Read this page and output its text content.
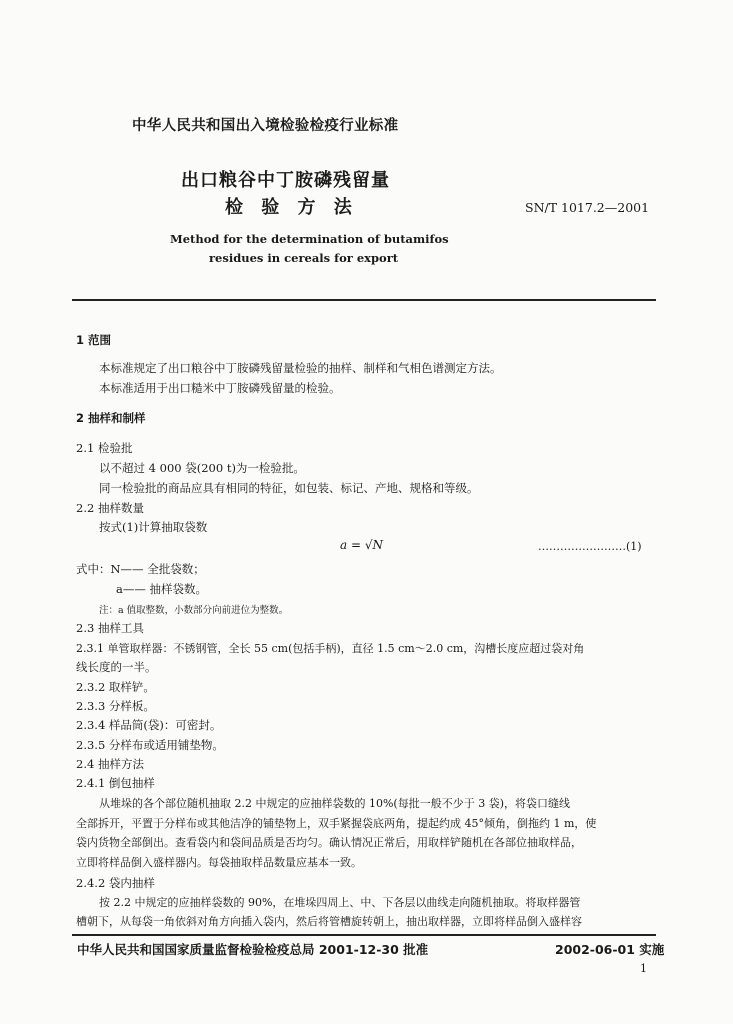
中华人民共和国出入境检验检疫行业标准
出口粮谷中丁胺磷残留量
检 验 方 法	SN/T 1017.2—2001
Method for the determination of butamifos
residues in cereals for export
1 范围
本标准规定了出口粮谷中丁胺磷残留量检验的抽样、制样和气相色谱测定方法。
本标准适用于出口糙米中丁胺磷残留量的检验。
2 抽样和制样
2.1 检验批
以不超过 4 000 袋(200 t)为一检验批。
同一检验批的商品应具有相同的特征，如包装、标记、产地、规格和等级。
2.2 抽样数量
按式(1)计算抽取袋数
a = √N	……………………(1)
式中：N—— 全批袋数；
a—— 抽样袋数。
注：a 值取整数，小数部分向前进位为整数。
2.3 抽样工具
2.3.1 单管取样器：不锈钢管，全长 55 cm(包括手柄)，直径 1.5 cm～2.0 cm，沟槽长度应超过袋对角
线长度的一半。
2.3.2 取样铲。
2.3.3 分样板。
2.3.4 样品筒(袋)：可密封。
2.3.5 分样布或适用铺垫物。
2.4 抽样方法
2.4.1 倒包抽样
从堆垛的各个部位随机抽取 2.2 中规定的应抽样袋数的 10%(每批一般不少于 3 袋)，将袋口缝线
全部拆开，平置于分样布或其他洁净的铺垫物上，双手紧握袋底两角，提起约成 45°倾角，倒拖约 1 m，使
袋内货物全部倒出。查看袋内和袋间品质是否均匀。确认情况正常后，用取样铲随机在各部位抽取样品，
立即将样品倒入盛样器内。每袋抽取样品数量应基本一致。
2.4.2 袋内抽样
按 2.2 中规定的应抽样袋数的 90%，在堆垛四周上、中、下各层以曲线走向随机抽取。将取样器管
槽朝下，从每袋一角依斜对角方向插入袋内，然后将管槽旋转朝上，抽出取样器，立即将样品倒入盛样容
中华人民共和国国家质量监督检验检疫总局 2001-12-30 批准	2002-06-01 实施
1
